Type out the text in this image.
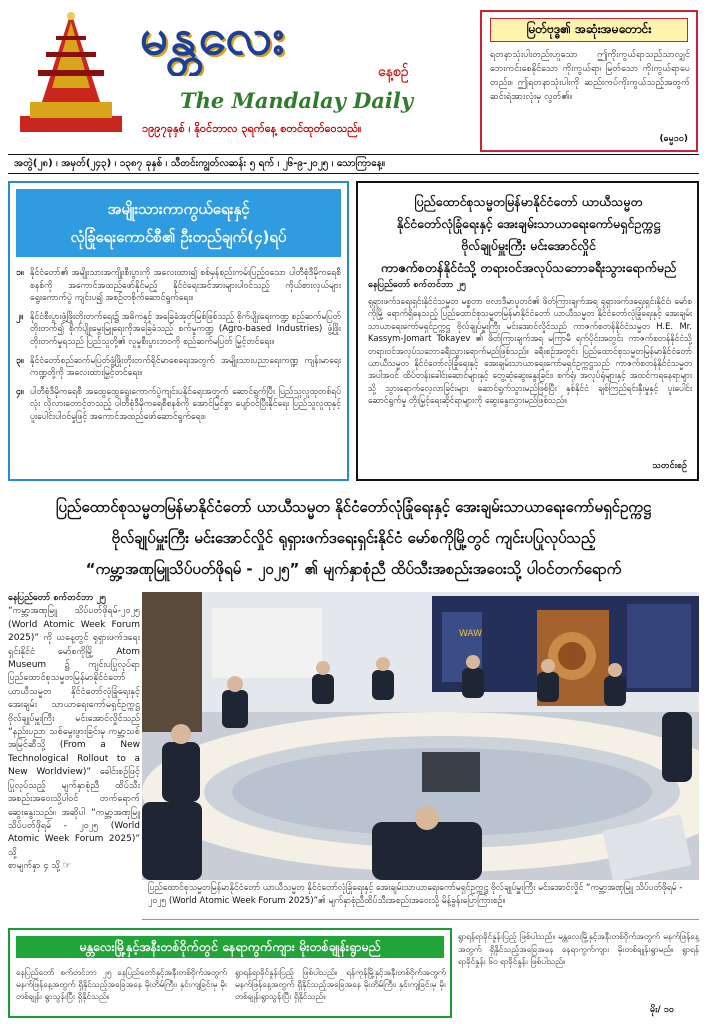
မန္တလေး
နေ့စဉ်
The Mandalay Daily
၁၉၉၇ခုနှစ် ၊ နိုဝင်ဘာလ ၃ရက်နေ့ စတင်ထုတ်ဝေသည်။
မြတ်ဗုဒ္ဓ၏ အဆုံးအမတောင်း
ရတနာသုံးပါးတည်းဟူသော ဤကိုးကွယ်ရာသည်သာလျှင် ဘေးကင်းစေနိုင်သော ကိုးကွယ်ရာ၊ မြတ်သော ကိုးကွယ်ရာပေတည်း။ ဤရတနာသုံးပါးကို ဆည်းကပ်ကိုးကွယ်သည့်အတွက် ဆင်းရဲအားလုံးမှ လွတ်၏။
(ဓမ္မ၁၀)
အတွဲ(၂၈) ၊ အမှတ်(၂၄၃) ၊ ၁၃၈၇ ခုနှစ် ၊ သီတင်းကျွတ်လဆန်း ၅ ရက် ၊ ၂၆-၉-၂၀၂၅ ၊ သောကြာနေ့။
အမျိုးသားကာကွယ်ရေးနှင့်
လုံခြုံရေးကောင်စီ၏ ဦးတည်ချက်(၄)ရပ်
၁။ နိုင်ငံတော်၏ အမျိုးသားအကျိုးစီးပွားကို အလေးထား၍ စစ်မှန်စည်းကမ်းပြည့်ဝသော ပါတီစုံဒီမိုကရေစီစနစ်ကို အကောင်အထည်ဖော်နိုင်မည့် နိုင်ငံရေးအင်အားများပါဝင်သည့် ကိုယ်စားလှယ်များရွေးကောက်ပွဲ ကျင်းပ၍ အစဉ်တစိုက်ဆောင်ရွက်ရေး။
၂။ နိုင်ငံစီးပွားဖွံ့ဖြိုးတိုးတက်ရေး၌ အဓိကနှင့် အခြေခံအုတ်မြစ်ဖြစ်သည့် စိုက်ပျိုးရေးကဏ္ဍ စည်ဆက်မပြတ်တိုးတက်၍ စိုက်ပျိုးမွေးမြူရေးကိုအခြေခံသည့် စက်မှုကဏ္ဍ (Agro-based Industries) ဖွံ့ဖြိုးတိုးတက်မှုရသည် ပြည်သူတို့၏ လူမှုစီးပွားဘဝကို စည်ဆက်မပြတ် မြှင့်တင်ရေး။
၃။ နိုင်ငံတော်စည်ဆက်မပြတ်ဖွံ့ဖြိုးတိုးတက်ရိုင်မာစေရေးအတွက် အမျိုးသားပညာရေးကဏ္ဍ ကျန်းမာရေးကဏ္ဍတို့ကို အလေးထားမြှင့်တင်ရေး။
၄။ ပါတီစုံဒီမိုကရေစီ အထွေထွေရွေးကောက်ပွဲကျင်းပနိုင်ရေးအတွက် ဆောင်ရွက်ပြီး ပြည်သူလူထုတစ်ရပ်လုံး လိုလားတောင့်တသည့် ပါတီစုံဒီမိုကရေစီစနစ်ကို အောင်မြင်စွာ ပျော်ဝင်ပြီးနိုင်ရေး ပြည်သူလူထုနှင့် ပူးပေါင်းပါဝင်မှုဖြင့် အကောင်အထည်ဖော်ဆောင်ရွက်ရေး။
ပြည်ထောင်စုသမ္မတမြန်မာနိုင်ငံတော် ယာယီသမ္မတ
နိုင်ငံတော်လုံခြုံရေးနှင့် အေးချမ်းသာယာရေးကော်မရှင်ဥက္ကဋ္ဌ
ဗိုလ်ချုပ်မှူးကြီး မင်းအောင်လှိုင်
ကာဇက်စတန်နိုင်ငံသို့ တရားဝင်အလုပ်သဘောခရီးသွားရောက်မည်
နေပြည်တော် စက်တင်ဘာ ၂၅
ရုရှားဖက်ဒရေးရှင်းနိုင်ငံသမ္မတ မစ္စတာ ဗလာဒီမာပူတင်၏ ဖိတ်ကြားချက်အရ ရုရှားဖက်ဒရေးရှင်းနိုင်ငံ၊ မော်စကိုမြို့ ရောက်ရှိနေသည့် ပြည်ထောင်စုသမ္မတမြန်မာနိုင်ငံတော် ယာယီသမ္မတ နိုင်ငံတော်လုံခြုံရေးနှင့် အေးချမ်းသာယာရေးကော်မရှင်ဥက္ကဋ္ဌ ဗိုလ်ချုပ်မှူးကြီး မင်းအောင်လှိုင်သည် ကာဇက်စတန်နိုင်ငံသမ္မတ H.E. Mr. Kassym-Jomart Tokayev ၏ ဖိတ်ကြားချက်အရ မကြာမီ ရက်ပိုင်းအတွင်း ကာဇက်စတန်နိုင်ငံသို့ တရားဝင်အလုပ်သဘောခရီးသွားရောက်မည်ဖြစ်သည်။ ခရီးစဉ်အတွင်း ပြည်ထောင်စုသမ္မတမြန်မာနိုင်ငံတော် ယာယီသမ္မတ နိုင်ငံတော်လုံခြုံရေးနှင့် အေးချမ်းသာယာရေးကော်မရှင်ဥက္ကဋ္ဌသည် ကာဇက်စတန်နိုင်ငံသမ္မတ အပါအဝင် ထိပ်တန်းခေါင်းဆောင်များနှင့် တွေ့ဆုံဆွေးနွေးခြင်း၊ စက်ရုံ၊ အလုပ်ရုံများနှင့် အထင်ကရနေရာများသို့ သွားရောက်လေ့လာခြင်းများ ဆောင်ရွက်သွားမည်ဖြစ်ပြီး နှစ်နိုင်ငံ ချစ်ကြည်ရင်းနှီးမှုနှင့် ပူးပေါင်းဆောင်ရွက်မှု တိုးမြှင့်ရေးဆိုင်ရာများကို ဆွေးနွေးသွားမည်ဖြစ်သည်။
သတင်းစဉ်
ပြည်ထောင်စုသမ္မတမြန်မာနိုင်ငံတော် ယာယီသမ္မတ နိုင်ငံတော်လုံခြုံရေးနှင့် အေးချမ်းသာယာရေးကော်မရှင်ဥက္ကဋ္ဌ
ဗိုလ်ချုပ်မှူးကြီး မင်းအောင်လှိုင် ရုရှားဖက်ဒရေးရှင်းနိုင်ငံ မော်စကိုမြို့တွင် ကျင်းပပြုလုပ်သည့်
“ကမ္ဘာ့အဏုမြူသိပ်ပတ်ဖိုရမ် - ၂၀၂၅” ၏ မျက်နှာစုံညီ ထိပ်သီးအစည်းအဝေးသို့ ပါဝင်တက်ရောက်
နေပြည်တော် စက်တင်ဘာ ၂၅
“ကမ္ဘာ့အဏုမြူ သိပ်ပတ်ဖိုရမ်-၂၀၂၅ (World Atomic Week Forum 2025)” ကို ယနေ့တွင် ရုရှားဖက်ဒရေးရှင်းနိုင်ငံ မော်စကိုမြို့ Atom Museum ၌ ကျင်းပပြုလုပ်ရာ ပြည်ထောင်စုသမ္မတမြန်မာနိုင်ငံတော် ယာယီသမ္မတ နိုင်ငံတော်လုံခြုံရေးနှင့် အေးချမ်း သာယာရေးကော်မရှင်ဥက္ကဋ္ဌ ဗိုလ်ချုပ်မှူးကြီး မင်းအောင်လှိုင်သည် “နည်းပညာ သစ်မွေးဖွားခြင်းမှ ကမ္ဘာ့သစ် အမြင်ဆီသို့ (From a New Technological Rollout to a New Worldview)” ခေါင်းစဉ်ဖြင့် ပြုလုပ်သည့် မျက်နှာစုံညီ ထိပ်သီး အစည်းအဝေးသို့ပါဝင် တက်ရောက်ဆွေးနွေးသည်။ အဆိုပါ “ကမ္ဘာ့အဏုမြူ သိပ်ပတ်ဖိုရမ် - ၂၀၂၅ (World Atomic Week Forum 2025)” သို့
စာမျက်နှာ ၄ သို့ ☞
WAW
ပြည်ထောင်စုသမ္မတမြန်မာနိုင်ငံတော် ယာယီသမ္မတ နိုင်ငံတော်လုံခြုံရေးနှင့် အေးချမ်းသာယာရေးကော်မရှင်ဥက္ကဋ္ဌ ဗိုလ်ချုပ်မှူးကြီး မင်းအောင်လှိုင် “ကမ္ဘာ့အဏုမြူ သိပ်ပတ်ဖိုရမ် - ၂၀၂၅ (World Atomic Week Forum 2025)”၏ မျက်နှာစုံညီထိပ်သီးအစည်းအဝေးသို့ မိန့်ခွန်းပြောကြားစဉ်။
မန္တလေးမြို့နှင့်အနီးတစ်ဝိုက်တွင် နေရာကွက်ကျား မိုးတစ်ချုန်းရွာမည်
နေပြည်တော် စက်တင်ဘာ ၂၅ နေပြည်တော်နှင့်အနီးတစ်ဝိုက်အတွက် မနက်ဖြန်နေ့အတွက် ရှိနိုင်သည့်အခြေအနေ မိုးတိမ်ကြီး၊ နှင်းကျခြင်းမှ မိုးတစ်ချုန်း ရွာသွန်းပြီး ရှိနိုင်သည်။
ရွာရန်ရာခိုင်နှုန်းပြည့် ဖြစ်ပါသည်။ ရန်ကုန်မြို့နှင့်အနီးတစ်ဝိုက်အတွက် မနက်ဖြန်နေ့အတွက် ရှိနိုင်သည့်အခြေအနေ မိုးတိမ်ကြီး၊ နှင်းကျခြင်းမှ မိုးတစ်ချုန်းရွာသွန်းပြီး ရှိနိုင်သည်။
ရွာရန်ရာခိုင်နှုန်းပြည့် ဖြစ်ပါသည်။ မန္တလေးမြို့နှင့်အနီးတစ်ဝိုက်အတွက် မနက်ဖြန်နေ့အတွက် ရှိနိုင်သည့်အခြေအနေ နေရာကွက်ကျား မိုးတစ်ချုန်းရွာမည်။ ရွာရန်ရာခိုင်နှုန်း ၆၀ ရာခိုင်နှုန်း ဖြစ်ပါသည်။
မိုး/ ၁၀
